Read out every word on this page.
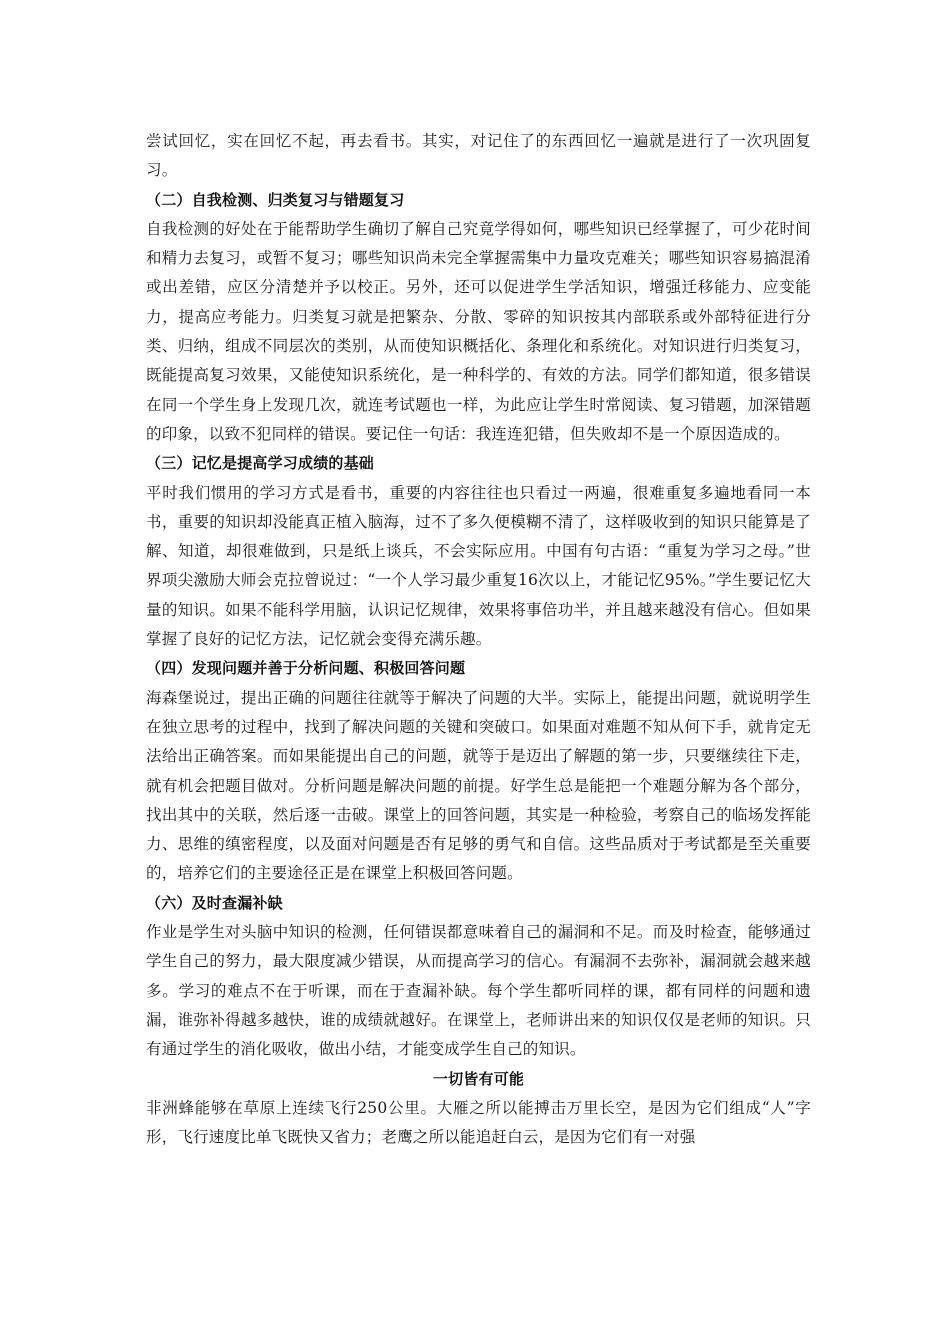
尝试回忆，实在回忆不起，再去看书。其实，对记住了的东西回忆一遍就是进行了一次巩固复习。

（二）自我检测、归类复习与错题复习

自我检测的好处在于能帮助学生确切了解自己究竟学得如何，哪些知识已经掌握了，可少花时间和精力去复习，或暂不复习；哪些知识尚未完全掌握需集中力量攻克难关；哪些知识容易搞混淆或出差错，应区分清楚并予以校正。另外，还可以促进学生学活知识，增强迁移能力、应变能力，提高应考能力。归类复习就是把繁杂、分散、零碎的知识按其内部联系或外部特征进行分类、归纳，组成不同层次的类别，从而使知识概括化、条理化和系统化。对知识进行归类复习，既能提高复习效果，又能使知识系统化，是一种科学的、有效的方法。同学们都知道，很多错误在同一个学生身上发现几次，就连考试题也一样，为此应让学生时常阅读、复习错题，加深错题的印象，以致不犯同样的错误。要记住一句话：我连连犯错，但失败却不是一个原因造成的。

（三）记忆是提高学习成绩的基础

平时我们惯用的学习方式是看书，重要的内容往往也只看过一两遍，很难重复多遍地看同一本书，重要的知识却没能真正植入脑海，过不了多久便模糊不清了，这样吸收到的知识只能算是了解、知道，却很难做到，只是纸上谈兵，不会实际应用。中国有句古语：“重复为学习之母。”世界项尖激励大师会克拉曾说过：“一个人学习最少重复16次以上，才能记忆95%。”学生要记忆大量的知识。如果不能科学用脑，认识记忆规律，效果将事倍功半，并且越来越没有信心。但如果掌握了良好的记忆方法，记忆就会变得充满乐趣。

（四）发现问题并善于分析问题、积极回答问题

海森堡说过，提出正确的问题往往就等于解决了问题的大半。实际上，能提出问题，就说明学生在独立思考的过程中，找到了解决问题的关键和突破口。如果面对难题不知从何下手，就肯定无法给出正确答案。而如果能提出自己的问题，就等于是迈出了解题的第一步，只要继续往下走，就有机会把题目做对。分析问题是解决问题的前提。好学生总是能把一个难题分解为各个部分，找出其中的关联，然后逐一击破。课堂上的回答问题，其实是一种检验，考察自己的临场发挥能力、思维的缜密程度，以及面对问题是否有足够的勇气和自信。这些品质对于考试都是至关重要的，培养它们的主要途径正是在课堂上积极回答问题。

（六）及时查漏补缺

作业是学生对头脑中知识的检测，任何错误都意味着自己的漏洞和不足。而及时检查，能够通过学生自己的努力，最大限度减少错误，从而提高学习的信心。有漏洞不去弥补，漏洞就会越来越多。学习的难点不在于听课，而在于查漏补缺。每个学生都听同样的课，都有同样的问题和遗漏，谁弥补得越多越快，谁的成绩就越好。在课堂上，老师讲出来的知识仅仅是老师的知识。只有通过学生的消化吸收，做出小结，才能变成学生自己的知识。

一切皆有可能

非洲蜂能够在草原上连续飞行250公里。大雁之所以能搏击万里长空，是因为它们组成“人”字形，飞行速度比单飞既快又省力；老鹰之所以能追赶白云，是因为它们有一对强
